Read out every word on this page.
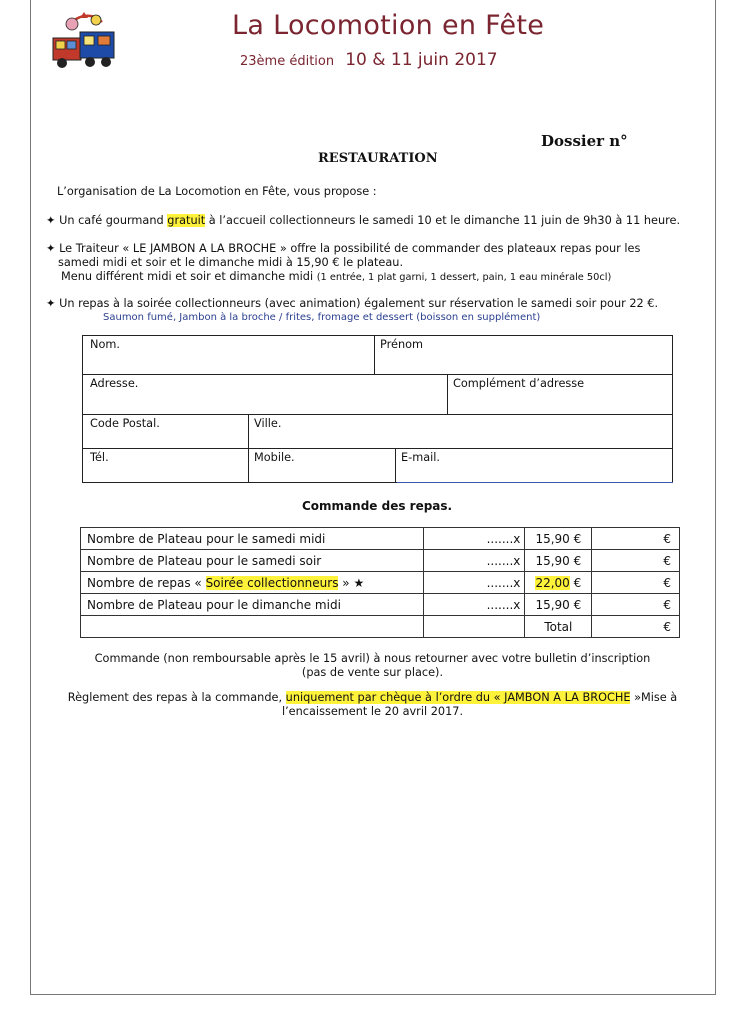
La Locomotion en Fête
23ème édition 10 & 11 juin 2017
Dossier n°
RESTAURATION
L’organisation de La Locomotion en Fête, vous propose :
✦ Un café gourmand gratuit à l’accueil collectionneurs le samedi 10 et le dimanche 11 juin de 9h30 à 11 heure.
✦ Le Traiteur « LE JAMBON A LA BROCHE » offre la possibilité de commander des plateaux repas pour les
samedi midi et soir et le dimanche midi à 15,90 € le plateau.
Menu différent midi et soir et dimanche midi (1 entrée, 1 plat garni, 1 dessert, pain, 1 eau minérale 50cl)
✦ Un repas à la soirée collectionneurs (avec animation) également sur réservation le samedi soir pour 22 €.
Saumon fumé, Jambon à la broche / frites, fromage et dessert (boisson en supplément)
Nom.	Prénom
Adresse.	Complément d’adresse
Code Postal.	Ville.
Tél.	Mobile.	E-mail.
Commande des repas.
Nombre de Plateau pour le samedi midi	.......x	15,90 €	€
Nombre de Plateau pour le samedi soir	.......x	15,90 €	€
Nombre de repas « Soirée collectionneurs » ★	.......x	22,00 €	€
Nombre de Plateau pour le dimanche midi	.......x	15,90 €	€
		Total	€
Commande (non remboursable après le 15 avril) à nous retourner avec votre bulletin d’inscription
(pas de vente sur place).
Règlement des repas à la commande, uniquement par chèque à l’ordre du « JAMBON A LA BROCHE »Mise à
l’encaissement le 20 avril 2017.
